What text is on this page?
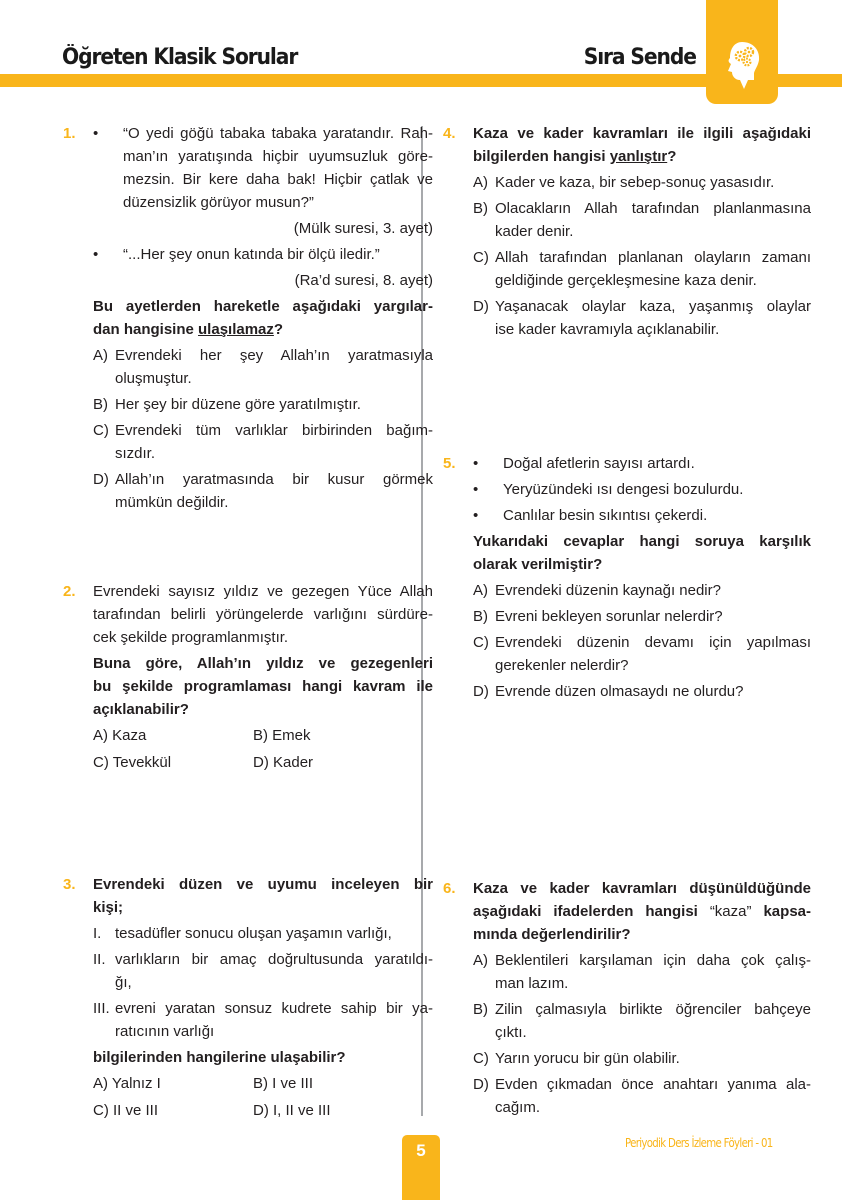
Öğreten Klasik Sorular	Sıra Sende
1. •	“O yedi göğü tabaka tabaka yaratandır. Rah-
man’ın yaratışında hiçbir uyumsuzluk göre-
mezsin. Bir kere daha bak! Hiçbir çatlak ve
düzensizlik görüyor musun?”
(Mülk suresi, 3. ayet)
•	“...Her şey onun katında bir ölçü iledir.”
(Ra’d suresi, 8. ayet)
Bu ayetlerden hareketle aşağıdaki yargılar-
dan hangisine ulaşılamaz?
A) Evrendeki her şey Allah’ın yaratmasıyla
oluşmuştur.
B) Her şey bir düzene göre yaratılmıştır.
C) Evrendeki tüm varlıklar birbirinden bağım-
sızdır.
D) Allah’ın yaratmasında bir kusur görmek
mümkün değildir.
2. Evrendeki sayısız yıldız ve gezegen Yüce Allah
tarafından belirli yörüngelerde varlığını sürdüre-
cek şekilde programlanmıştır.
Buna göre, Allah’ın yıldız ve gezegenleri
bu şekilde programlaması hangi kavram ile
açıklanabilir?
A) Kaza	B) Emek
C) Tevekkül	D) Kader
3. Evrendeki düzen ve uyumu inceleyen bir
kişi;
I. tesadüfler sonucu oluşan yaşamın varlığı,
II. varlıkların bir amaç doğrultusunda yaratıldı-
ğı,
III. evreni yaratan sonsuz kudrete sahip bir ya-
ratıcının varlığı
bilgilerinden hangilerine ulaşabilir?
A) Yalnız I	B) I ve III
C) II ve III	D) I, II ve III
4. Kaza ve kader kavramları ile ilgili aşağıdaki
bilgilerden hangisi yanlıştır?
A) Kader ve kaza, bir sebep-sonuç yasasıdır.
B) Olacakların Allah tarafından planlanmasına
kader denir.
C) Allah tarafından planlanan olayların zamanı
geldiğinde gerçekleşmesine kaza denir.
D) Yaşanacak olaylar kaza, yaşanmış olaylar
ise kader kavramıyla açıklanabilir.
5. •	Doğal afetlerin sayısı artardı.
•	Yeryüzündeki ısı dengesi bozulurdu.
•	Canlılar besin sıkıntısı çekerdi.
Yukarıdaki cevaplar hangi soruya karşılık
olarak verilmiştir?
A) Evrendeki düzenin kaynağı nedir?
B) Evreni bekleyen sorunlar nelerdir?
C) Evrendeki düzenin devamı için yapılması
gerekenler nelerdir?
D) Evrende düzen olmasaydı ne olurdu?
6. Kaza ve kader kavramları düşünüldüğünde
aşağıdaki ifadelerden hangisi “kaza” kapsa-
mında değerlendirilir?
A) Beklentileri karşılaman için daha çok çalış-
man lazım.
B) Zilin çalmasıyla birlikte öğrenciler bahçeye
çıktı.
C) Yarın yorucu bir gün olabilir.
D) Evden çıkmadan önce anahtarı yanıma ala-
cağım.
5	Periyodik Ders İzleme Föyleri - 01
